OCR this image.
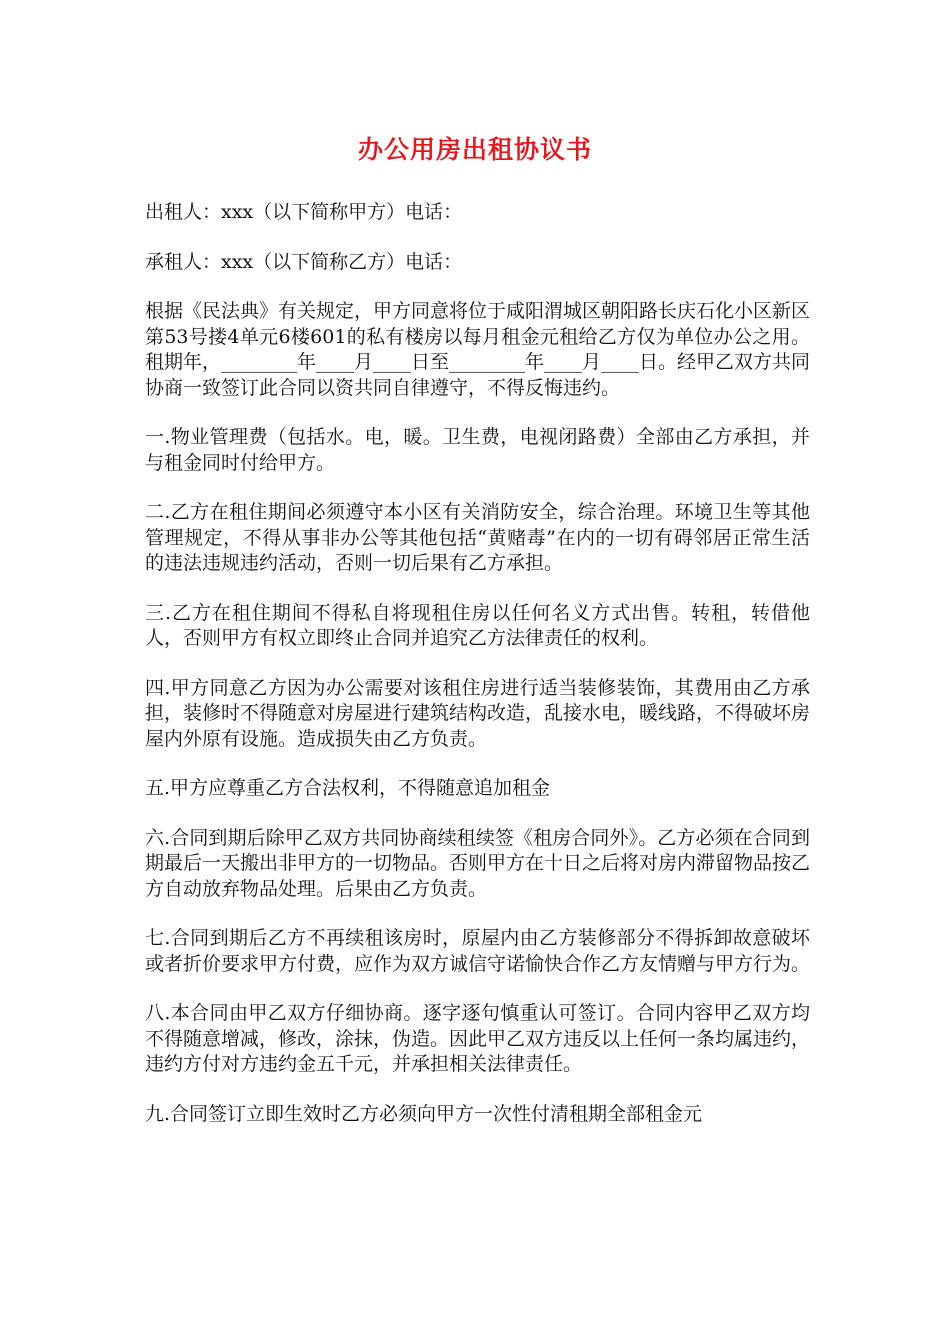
办公用房出租协议书

出租人：xxx（以下简称甲方）电话：

承租人：xxx（以下简称乙方）电话：

根据《民法典》有关规定，甲方同意将位于咸阳渭城区朝阳路长庆石化小区新区第53号搂4单元6楼601的私有楼房以每月租金元租给乙方仅为单位办公之用。租期年，________年____月____日至________年____月____日。经甲乙双方共同协商一致签订此合同以资共同自律遵守，不得反悔违约。

一.物业管理费（包括水。电，暖。卫生费，电视闭路费）全部由乙方承担，并与租金同时付给甲方。

二.乙方在租住期间必须遵守本小区有关消防安全，综合治理。环境卫生等其他管理规定，不得从事非办公等其他包括“黄赌毒”在内的一切有碍邻居正常生活的违法违规违约活动，否则一切后果有乙方承担。

三.乙方在租住期间不得私自将现租住房以任何名义方式出售。转租，转借他人，否则甲方有权立即终止合同并追究乙方法律责任的权利。

四.甲方同意乙方因为办公需要对该租住房进行适当装修装饰，其费用由乙方承担，装修时不得随意对房屋进行建筑结构改造，乱接水电，暖线路，不得破坏房屋内外原有设施。造成损失由乙方负责。

五.甲方应尊重乙方合法权利，不得随意追加租金

六.合同到期后除甲乙双方共同协商续租续签《租房合同外》。乙方必须在合同到期最后一天搬出非甲方的一切物品。否则甲方在十日之后将对房内滞留物品按乙方自动放弃物品处理。后果由乙方负责。

七.合同到期后乙方不再续租该房时，原屋内由乙方装修部分不得拆卸故意破坏或者折价要求甲方付费，应作为双方诚信守诺愉快合作乙方友情赠与甲方行为。

八.本合同由甲乙双方仔细协商。逐字逐句慎重认可签订。合同内容甲乙双方均不得随意增减，修改，涂抹，伪造。因此甲乙双方违反以上任何一条均属违约，违约方付对方违约金五千元，并承担相关法律责任。

九.合同签订立即生效时乙方必须向甲方一次性付清租期全部租金元
